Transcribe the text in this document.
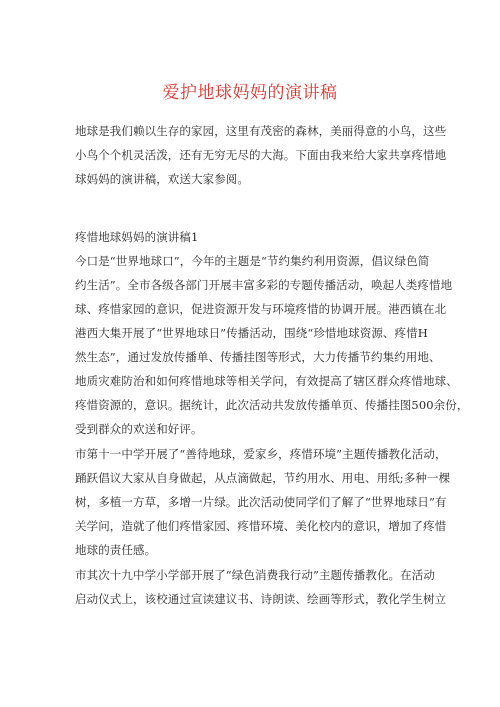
爱护地球妈妈的演讲稿
地球是我们赖以生存的家园，这里有茂密的森林，美丽得意的小鸟，这些
小鸟个个机灵活泼，还有无穷无尽的大海。下面由我来给大家共享疼惜地
球妈妈的演讲稿，欢送大家参阅。
疼惜地球妈妈的演讲稿1
今口是“世界地球口”，今年的主题是“节约集约利用资源，倡议绿色简
约生活”。全市各级各部门开展丰富多彩的专题传播活动，唤起人类疼惜地
球、疼惜家园的意识，促进资源开发与环境疼惜的协调开展。港西镇在北
港西大集开展了“世界地球日”传播活动，围绕“珍惜地球资源、疼惜H
然生态”，通过发放传播单、传播挂图等形式，大力传播节约集约用地、
地质灾难防治和如何疼惜地球等相关学问，有效提高了辖区群众疼惜地球、
疼惜资源的，意识。据统计，此次活动共发放传播单页、传播挂图500余份，
受到群众的欢送和好评。
市第十一中学开展了“善待地球，爱家乡，疼惜环境”主题传播教化活动，
踊跃倡议大家从自身做起，从点滴做起，节约用水、用电、用纸;多种一棵
树，多植一方草，多增一片绿。此次活动使同学们了解了“世界地球日”有
关学问，造就了他们疼惜家园、疼惜环境、美化校内的意识，增加了疼惜
地球的责任感。
市其次十九中学小学部开展了“绿色消费我行动”主题传播教化。在活动
启动仪式上，该校通过宣读建议书、诗朗读、绘画等形式，教化学生树立
